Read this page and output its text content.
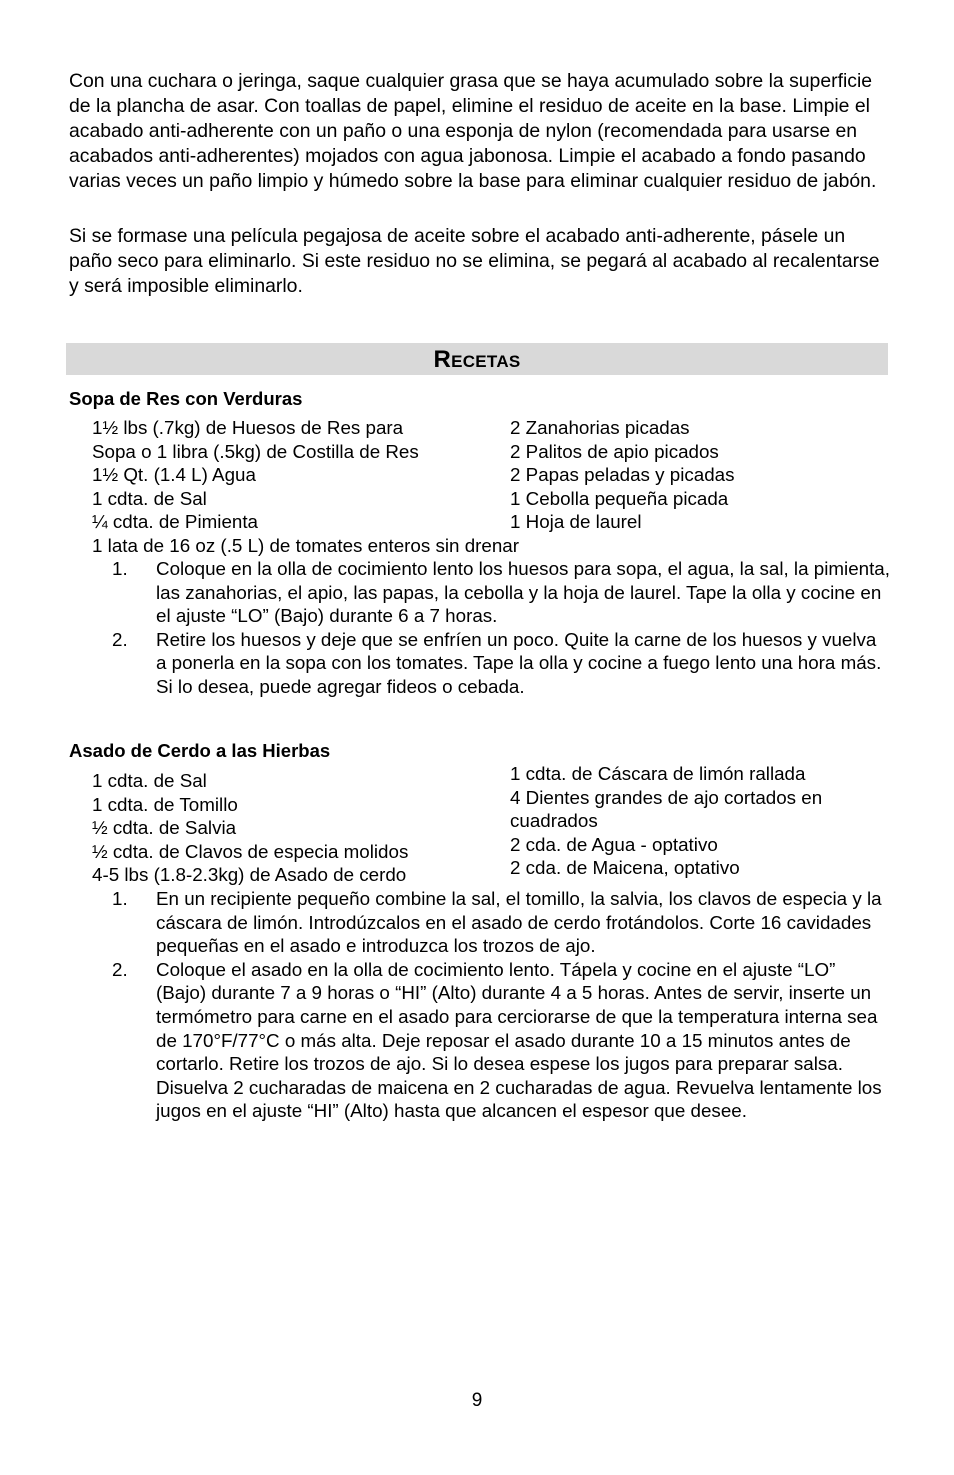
Con una cuchara o jeringa, saque cualquier grasa que se haya acumulado sobre la superficie de la plancha de asar. Con toallas de papel, elimine el residuo de aceite en la base. Limpie el acabado anti-adherente con un paño o una esponja de nylon (recomendada para usarse en acabados anti-adherentes) mojados con agua jabonosa. Limpie el acabado a fondo pasando varias veces un paño limpio y húmedo sobre la base para eliminar cualquier residuo de jabón.

Si se formase una película pegajosa de aceite sobre el acabado anti-adherente, pásele un paño seco para eliminarlo. Si este residuo no se elimina, se pegará al acabado al recalentarse y será imposible eliminarlo.

Recetas
Sopa de Res con Verduras
1½ lbs (.7kg) de Huesos de Res para
Sopa o 1 libra (.5kg) de Costilla de Res
1½ Qt. (1.4 L) Agua
1 cdta. de Sal
¼ cdta. de Pimienta
2 Zanahorias picadas
2 Palitos de apio picados
2 Papas peladas y picadas
1 Cebolla pequeña picada
1 Hoja de laurel
1 lata de 16 oz (.5 L) de tomates enteros sin drenar
1. Coloque en la olla de cocimiento lento los huesos para sopa, el agua, la sal, la pimienta, las zanahorias, el apio, las papas, la cebolla y la hoja de laurel. Tape la olla y cocine en el ajuste “LO” (Bajo) durante 6 a 7 horas.
2. Retire los huesos y deje que se enfríen un poco. Quite la carne de los huesos y vuelva a ponerla en la sopa con los tomates. Tape la olla y cocine a fuego lento una hora más. Si lo desea, puede agregar fideos o cebada.
Asado de Cerdo a las Hierbas
1 cdta. de Sal
1 cdta. de Tomillo
½ cdta. de Salvia
½ cdta. de Clavos de especia molidos
4-5 lbs (1.8-2.3kg) de Asado de cerdo
1 cdta. de Cáscara de limón rallada
4 Dientes grandes de ajo cortados en
cuadrados
2 cda. de Agua - optativo
2 cda. de Maicena, optativo
1. En un recipiente pequeño combine la sal, el tomillo, la salvia, los clavos de especia y la cáscara de limón. Introdúzcalos en el asado de cerdo frotándolos. Corte 16 cavidades pequeñas en el asado e introduzca los trozos de ajo.
2. Coloque el asado en la olla de cocimiento lento. Tápela y cocine en el ajuste “LO” (Bajo) durante 7 a 9 horas o “HI” (Alto) durante 4 a 5 horas. Antes de servir, inserte un termómetro para carne en el asado para cerciorarse de que la temperatura interna sea de 170°F/77°C o más alta. Deje reposar el asado durante 10 a 15 minutos antes de cortarlo. Retire los trozos de ajo. Si lo desea espese los jugos para preparar salsa. Disuelva 2 cucharadas de maicena en 2 cucharadas de agua. Revuelva lentamente los jugos en el ajuste “HI” (Alto) hasta que alcancen el espesor que desee.
9
